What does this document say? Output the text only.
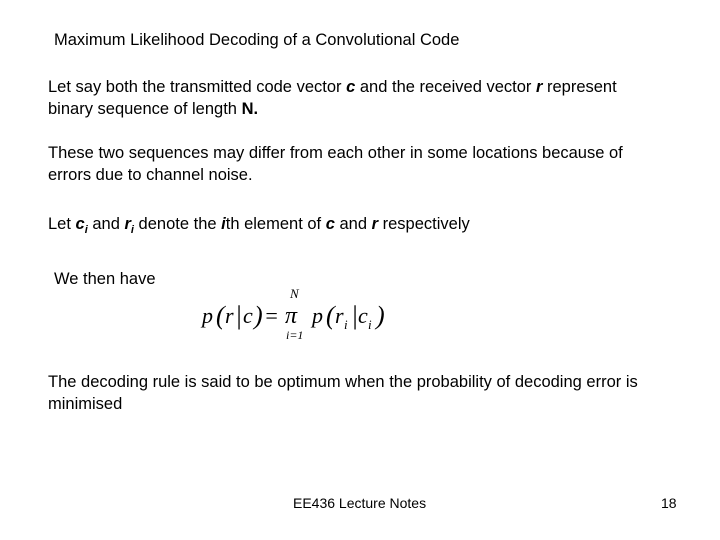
Maximum Likelihood Decoding of a Convolutional Code
Let say both the transmitted code vector c and the received vector r represent
binary sequence of length N.
These two sequences may differ from each other in some locations because of
errors due to channel noise.
Let $c_i$ and $r_i$ denote the ith element of c and r respectively
We then have
p ( r | c ) =
N
π
i=1
p ( r i | c i )
The decoding rule is said to be optimum when the probability of decoding error is
minimised
EE436 Lecture Notes	18
